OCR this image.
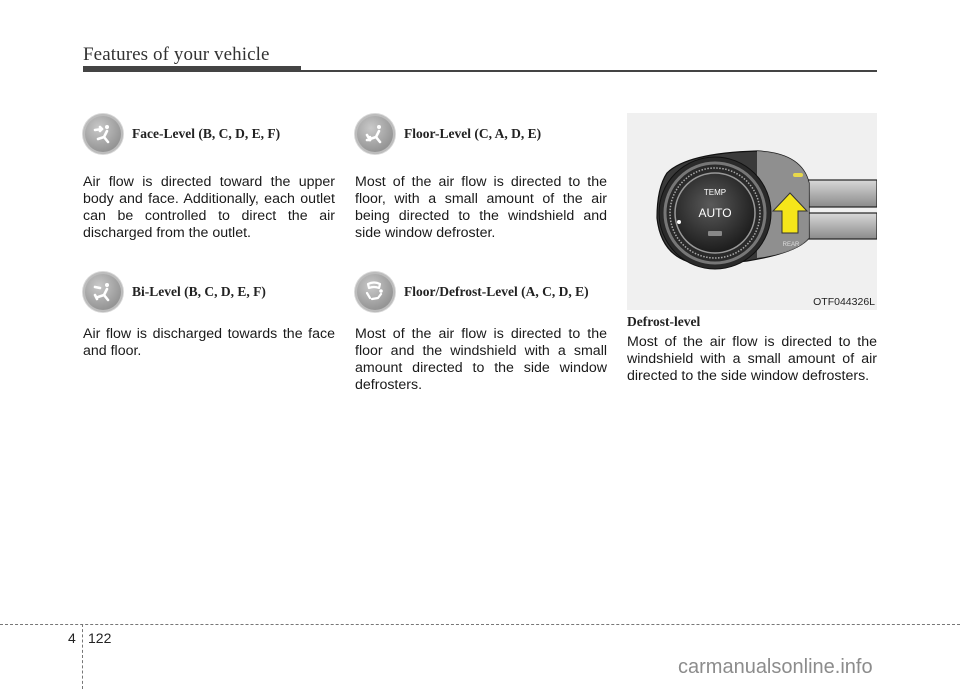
Features of your vehicle
Face-Level (B, C, D, E, F)

Air flow is directed toward the upper body and face. Additionally, each outlet can be controlled to direct the air discharged from the outlet.

Bi-Level (B, C, D, E, F)

Air flow is discharged towards the face and floor.

Floor-Level (C, A, D, E)

Most of the air flow is directed to the floor, with a small amount of the air being directed to the windshield and side window defroster.

Floor/Defrost-Level (A, C, D, E)

Most of the air flow is directed to the floor and the windshield with a small amount directed to the side window defrosters.

TEMP
AUTO
REAR
OTF044326L
Defrost-level

Most of the air flow is directed to the windshield with a small amount of air directed to the side window defrosters.

4 122
carmanualsonline.info
